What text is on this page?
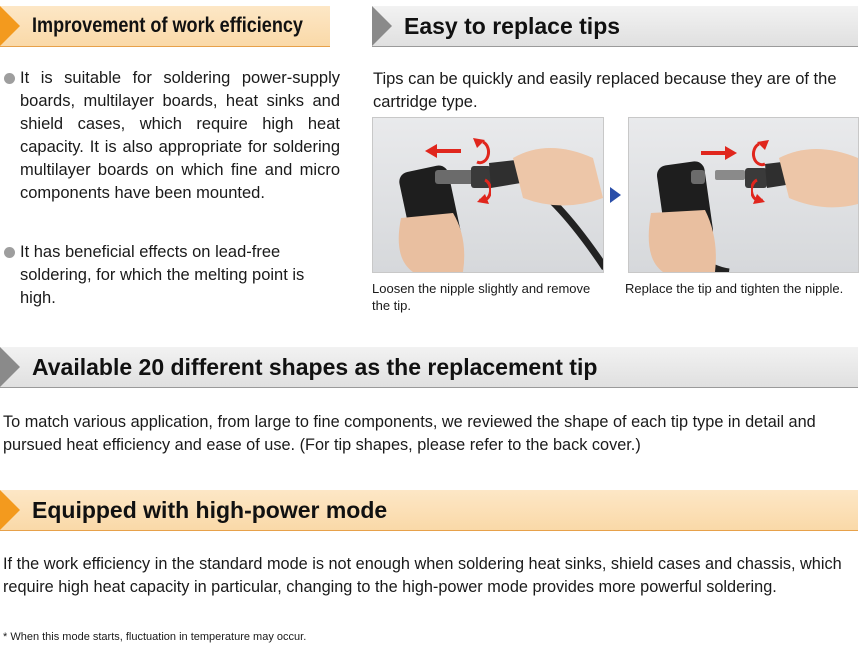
Improvement of work efficiency
It is suitable for soldering power-supply boards, multilayer boards, heat sinks and shield cases, which require high heat capacity. It is also appropriate for soldering multilayer boards on which fine and micro components have been mounted.
It has beneficial effects on lead-free soldering, for which the melting point is high.
Easy to replace tips
Tips can be quickly and easily replaced because they are of the cartridge type.
Loosen the nipple slightly and remove the tip.
Replace the tip and tighten the nipple.
Available 20 different shapes as the replacement tip
To match various application, from large to fine components, we reviewed the shape of each tip type in detail and pursued heat efficiency and ease of use. (For tip shapes, please refer to the back cover.)
Equipped with high-power mode
If the work efficiency in the standard mode is not enough when soldering heat sinks, shield cases and chassis, which require high heat capacity in particular, changing to the high-power mode provides more powerful soldering.
* When this mode starts, fluctuation in temperature may occur.
